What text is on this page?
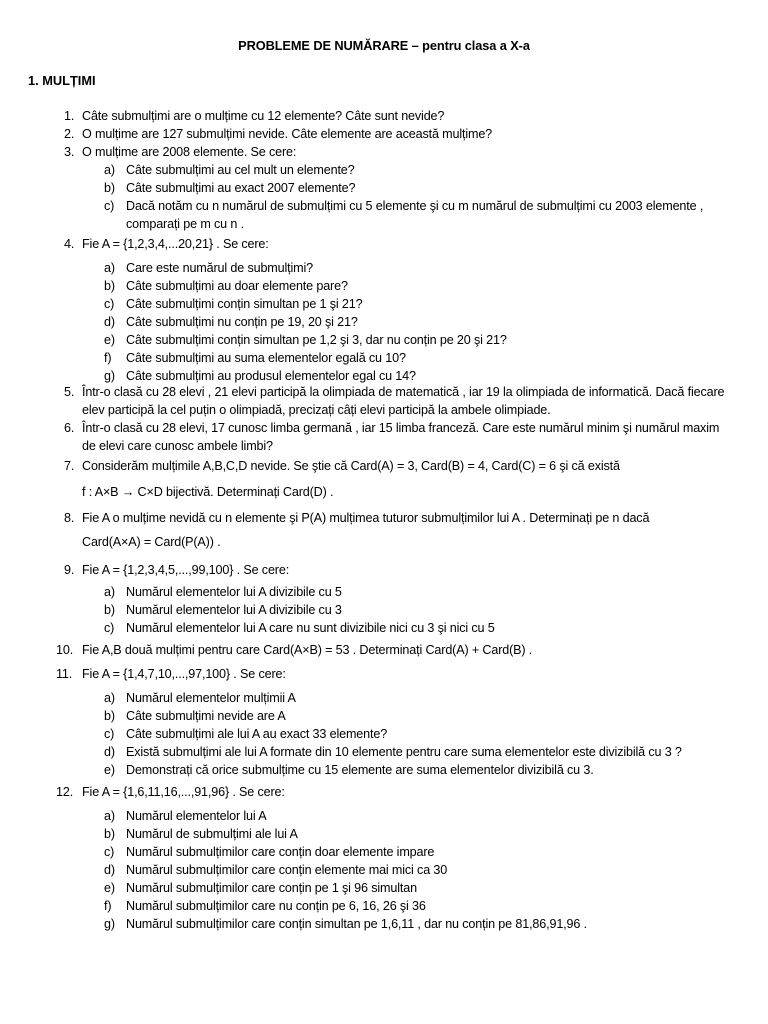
PROBLEME DE NUMĂRARE – pentru clasa a X-a
1. MULȚIMI
1. Câte submulțimi are o mulțime cu 12 elemente? Câte sunt nevide?
2. O mulțime are 127 submulțimi nevide. Câte elemente are această mulțime?
3. O mulțime are 2008 elemente. Se cere:
a) Câte submulțimi au cel mult un elemente?
b) Câte submulțimi au exact 2007 elemente?
c) Dacă notăm cu n numărul de submulțimi cu 5 elemente şi cu m numărul de submulțimi cu 2003 elemente ,
comparați pe m cu n .
4. Fie A = {1,2,3,4,...20,21} . Se cere:
a) Care este numărul de submulțimi?
b) Câte submulțimi au doar elemente pare?
c) Câte submulțimi conțin simultan pe 1 şi 21?
d) Câte submulțimi nu conțin pe 19, 20 şi 21?
e) Câte submulțimi conțin simultan pe 1,2 şi 3, dar nu conțin pe 20 şi 21?
f) Câte submulțimi au suma elementelor egală cu 10?
g) Câte submulțimi au produsul elementelor egal cu 14?
5. Într-o clasă cu 28 elevi , 21 elevi participă la olimpiada de matematică , iar 19 la olimpiada de informatică. Dacă fiecare
elev participă la cel puțin o olimpiadă, precizați câți elevi participă la ambele olimpiade.
6. Într-o clasă cu 28 elevi, 17 cunosc limba germană , iar 15 limba franceză. Care este numărul minim şi numărul maxim
de elevi care cunosc ambele limbi?
7. Considerăm mulțimile A,B,C,D nevide. Se ştie că Card(A) = 3, Card(B) = 4, Card(C) = 6 şi că există
f : A×B → C×D bijectivă. Determinați Card(D) .
8. Fie A o mulțime nevidă cu n elemente şi P(A) mulțimea tuturor submulțimilor lui A . Determinați pe n dacă
Card(A×A) = Card(P(A)) .
9. Fie A = {1,2,3,4,5,...,99,100} . Se cere:
a) Numărul elementelor lui A divizibile cu 5
b) Numărul elementelor lui A divizibile cu 3
c) Numărul elementelor lui A care nu sunt divizibile nici cu 3 şi nici cu 5
10. Fie A,B două mulțimi pentru care Card(A×B) = 53 . Determinați Card(A) + Card(B) .
11. Fie A = {1,4,7,10,...,97,100} . Se cere:
a) Numărul elementelor mulțimii A
b) Câte submulțimi nevide are A
c) Câte submulțimi ale lui A au exact 33 elemente?
d) Există submulțimi ale lui A formate din 10 elemente pentru care suma elementelor este divizibilă cu 3 ?
e) Demonstrați că orice submulțime cu 15 elemente are suma elementelor divizibilă cu 3.
12. Fie A = {1,6,11,16,...,91,96} . Se cere:
a) Numărul elementelor lui A
b) Numărul de submulțimi ale lui A
c) Numărul submulțimilor care conțin doar elemente impare
d) Numărul submulțimilor care conțin elemente mai mici ca 30
e) Numărul submulțimilor care conțin pe 1 şi 96 simultan
f) Numărul submulțimilor care nu conțin pe 6, 16, 26 şi 36
g) Numărul submulțimilor care conțin simultan pe 1,6,11 , dar nu conțin pe 81,86,91,96 .
